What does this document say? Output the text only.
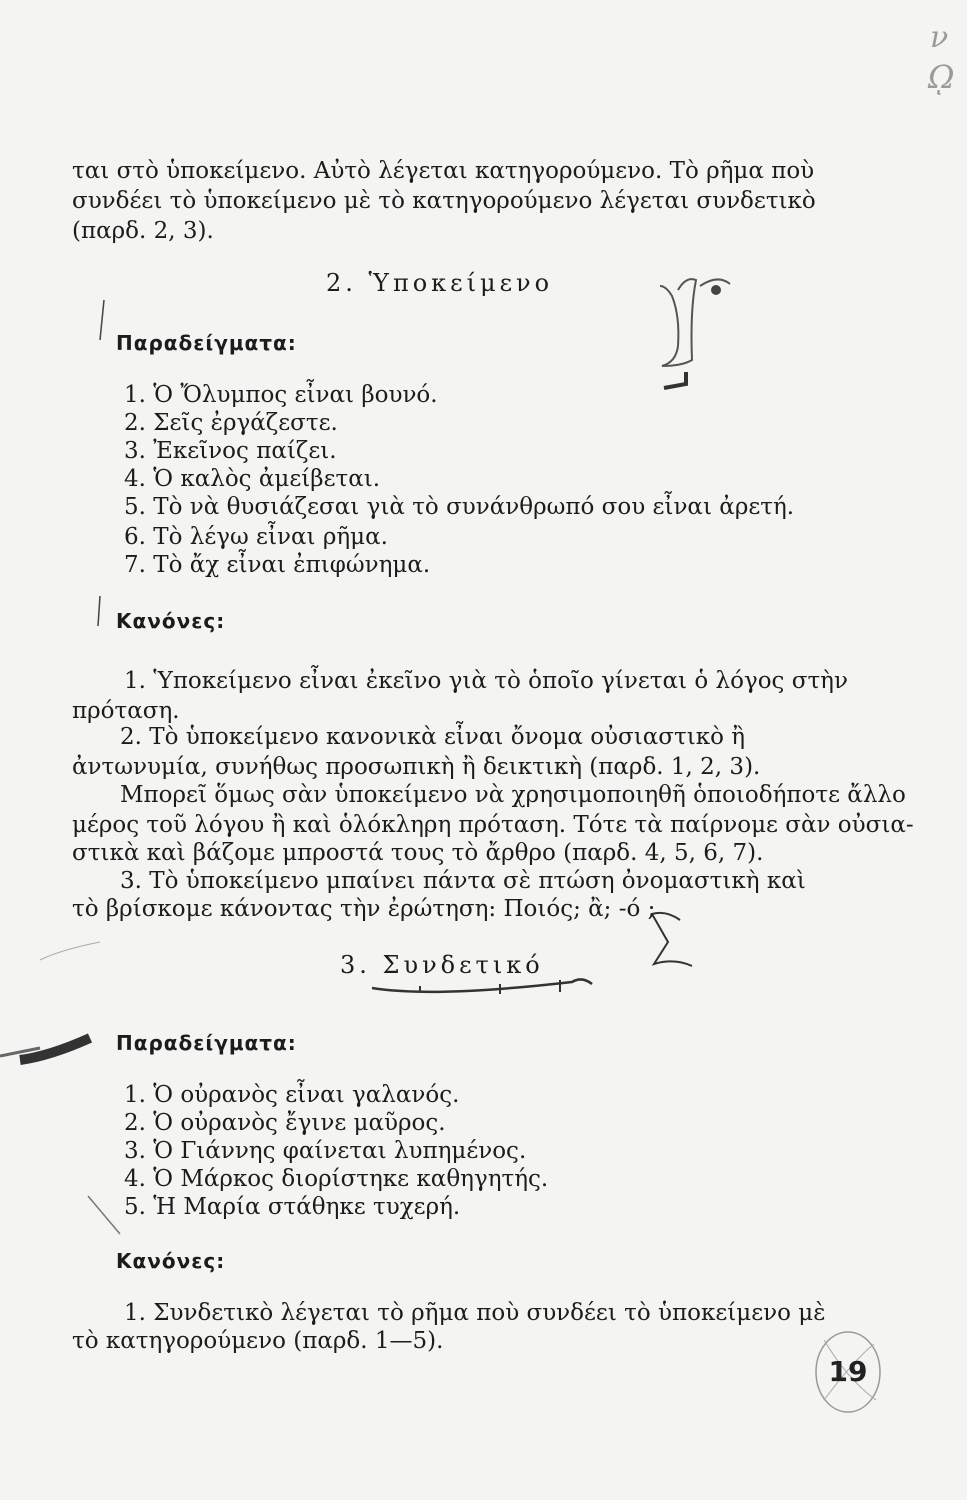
ν
ῼ
ται στὸ ὑποκείμενο. Αὐτὸ λέγεται κατηγορούμενο. Τὸ ρῆμα ποὺ
συνδέει τὸ ὑποκείμενο μὲ τὸ κατηγορούμενο λέγεται συνδετικὸ
(παρδ. 2, 3).
2. Ὑποκείμενο
Παραδείγματα:
1. Ὁ Ὄλυμπος εἶναι βουνό.
2. Σεῖς ἐργάζεστε.
3. Ἐκεῖνος παίζει.
4. Ὁ καλὸς ἀμείβεται.
5. Τὸ νὰ θυσιάζεσαι γιὰ τὸ συνάνθρωπό σου εἶναι ἀρετή.
6. Τὸ λέγω εἶναι ρῆμα.
7. Τὸ ἄχ εἶναι ἐπιφώνημα.
Κανόνες:
1. Ὑποκείμενο εἶναι ἐκεῖνο γιὰ τὸ ὁποῖο γίνεται ὁ λόγος στὴν
πρόταση.
2. Τὸ ὑποκείμενο κανονικὰ εἶναι ὄνομα οὐσιαστικὸ ἢ
ἀντωνυμία, συνήθως προσωπικὴ ἢ δεικτικὴ (παρδ. 1, 2, 3).
Μπορεῖ ὅμως σὰν ὑποκείμενο νὰ χρησιμοποιηθῆ ὁποιοδήποτε ἄλλο
μέρος τοῦ λόγου ἢ καὶ ὁλόκληρη πρόταση. Τότε τὰ παίρνομε σὰν οὐσια-
στικὰ καὶ βάζομε μπροστά τους τὸ ἄρθρο (παρδ. 4, 5, 6, 7).
3. Τὸ ὑποκείμενο μπαίνει πάντα σὲ πτώση ὀνομαστικὴ καὶ
τὸ βρίσκομε κάνοντας τὴν ἐρώτηση: Ποιός; ἂ; -ό ;
3. Συνδετικό
Παραδείγματα:
1. Ὁ οὐρανὸς εἶναι γαλανός.
2. Ὁ οὐρανὸς ἔγινε μαῦρος.
3. Ὁ Γιάννης φαίνεται λυπημένος.
4. Ὁ Μάρκος διορίστηκε καθηγητής.
5. Ἡ Μαρία στάθηκε τυχερή.
Κανόνες:
1. Συνδετικὸ λέγεται τὸ ρῆμα ποὺ συνδέει τὸ ὑποκείμενο μὲ
τὸ κατηγορούμενο (παρδ. 1—5).
19
